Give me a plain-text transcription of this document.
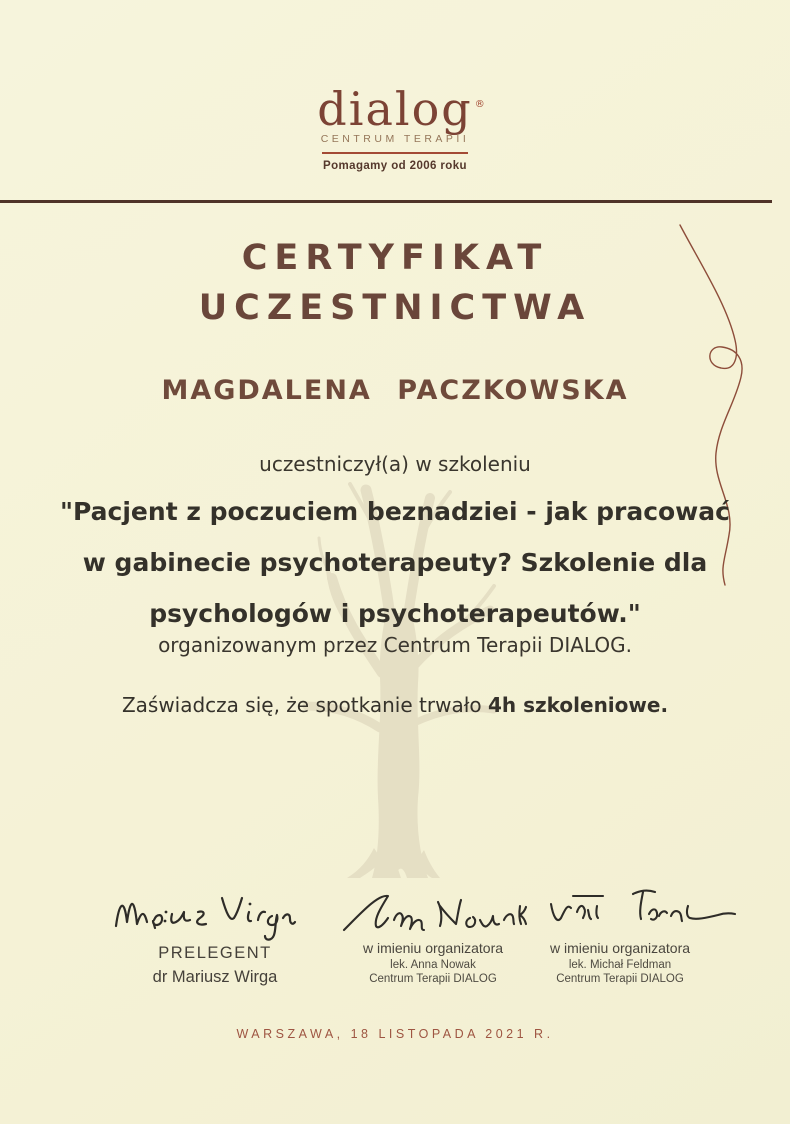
dialog ®
CENTRUM TERAPII
Pomagamy od 2006 roku
CERTYFIKAT
UCZESTNICTWA
MAGDALENA PACZKOWSKA
uczestniczył(a) w szkoleniu
"Pacjent z poczuciem beznadziei - jak pracować
w gabinecie psychoterapeuty? Szkolenie dla
psychologów i psychoterapeutów."
organizowanym przez Centrum Terapii DIALOG.
Zaświadcza się, że spotkanie trwało 4h szkoleniowe.
PRELEGENT
dr Mariusz Wirga
w imieniu organizatora
lek. Anna Nowak
Centrum Terapii DIALOG
w imieniu organizatora
lek. Michał Feldman
Centrum Terapii DIALOG
WARSZAWA, 18 LISTOPADA 2021 R.
